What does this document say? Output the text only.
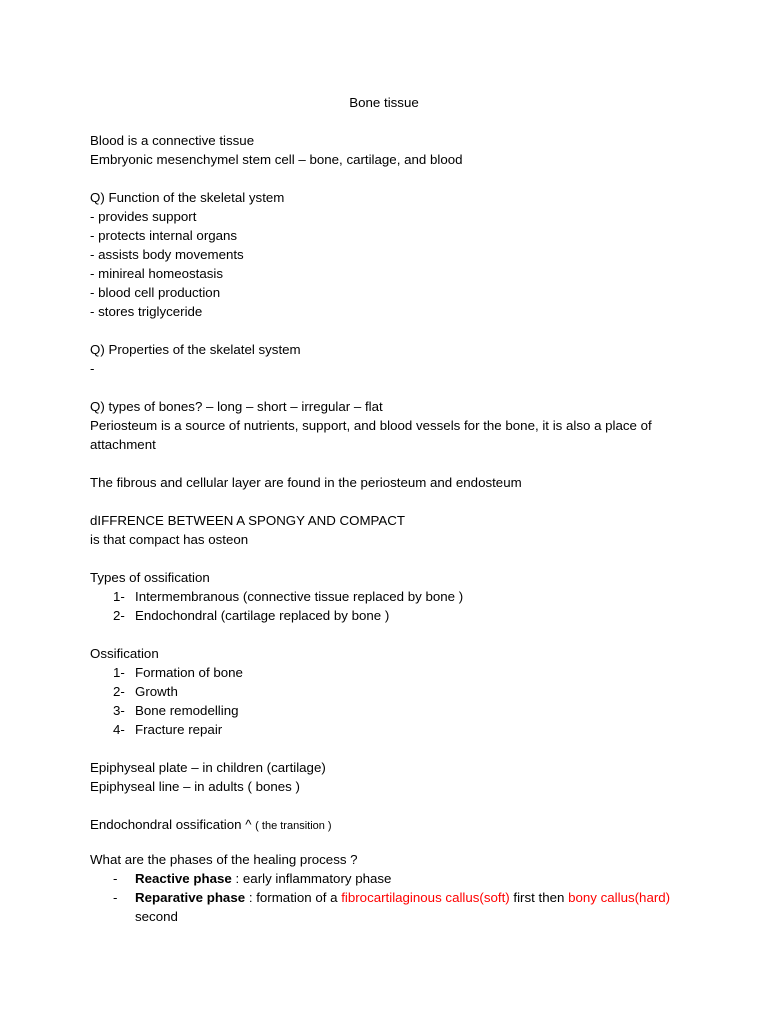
Bone tissue
Blood is a connective tissue
Embryonic mesenchymel stem cell – bone, cartilage, and blood
Q) Function of the skeletal ystem
- provides support
- protects internal organs
- assists body movements
- minireal homeostasis
- blood cell production
- stores triglyceride
Q) Properties of the skelatel system
-
Q) types of bones? – long – short – irregular – flat
Periosteum is a source of nutrients, support, and blood vessels for the bone, it is also a place of attachment
The fibrous and cellular layer are found in the periosteum and endosteum
dIFFRENCE BETWEEN A SPONGY AND COMPACT
is that compact has osteon
Types of ossification
1- Intermembranous (connective tissue replaced by bone )
2- Endochondral (cartilage replaced by bone )
Ossification
1- Formation of bone
2- Growth
3- Bone remodelling
4- Fracture repair
Epiphyseal plate – in children (cartilage)
Epiphyseal line – in adults ( bones )
Endochondral ossification ^ ( the transition )
What are the phases of the healing process ?
- Reactive phase : early inflammatory phase
- Reparative phase : formation of a fibrocartilaginous callus(soft) first then bony callus(hard) second
